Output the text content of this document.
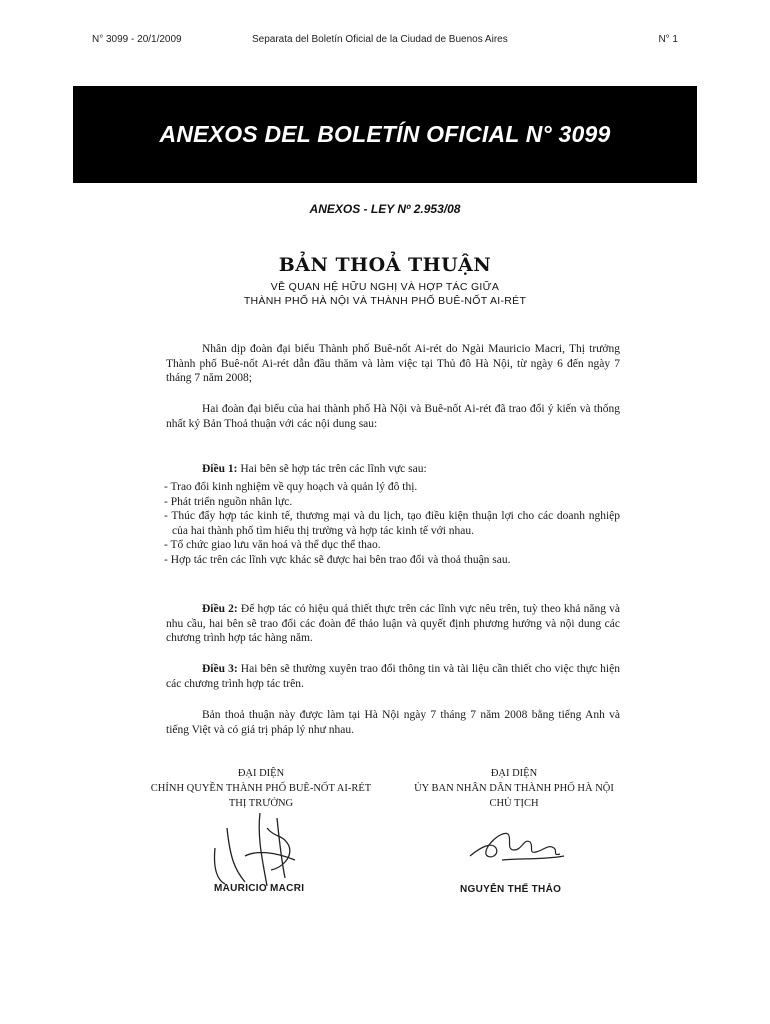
N° 3099 - 20/1/2009	Separata del Boletín Oficial de la Ciudad de Buenos Aires	N° 1
ANEXOS DEL BOLETÍN OFICIAL N° 3099
ANEXOS - LEY Nº 2.953/08
BẢN THOẢ THUẬN
VỀ QUAN HỆ HỮU NGHỊ VÀ HỢP TÁC GIỮA
THÀNH PHỐ HÀ NỘI VÀ THÀNH PHỐ BUÊ-NỐT AI-RÉT

Nhân dịp đoàn đại biểu Thành phố Buê-nốt Ai-rét do Ngài Mauricio Macri, Thị trưởng Thành phố Buê-nốt Ai-rét dẫn đầu thăm và làm việc tại Thủ đô Hà Nội, từ ngày 6 đến ngày 7 tháng 7 năm 2008;

Hai đoàn đại biểu của hai thành phố Hà Nội và Buê-nốt Ai-rét đã trao đổi ý kiến và thống nhất ký Bản Thoả thuận với các nội dung sau:

Điều 1: Hai bên sẽ hợp tác trên các lĩnh vực sau:

- Trao đổi kinh nghiệm về quy hoạch và quản lý đô thị.
- Phát triển nguồn nhân lực.
- Thúc đẩy hợp tác kinh tế, thương mại và du lịch, tạo điều kiện thuận lợi cho các doanh nghiệp của hai thành phố tìm hiểu thị trường và hợp tác kinh tế với nhau.
- Tổ chức giao lưu văn hoá và thể dục thể thao.
- Hợp tác trên các lĩnh vực khác sẽ được hai bên trao đổi và thoả thuận sau.

Điều 2: Để hợp tác có hiệu quả thiết thực trên các lĩnh vực nêu trên, tuỳ theo khả năng và nhu cầu, hai bên sẽ trao đổi các đoàn để thảo luận và quyết định phương hướng và nội dung các chương trình hợp tác hàng năm.

Điều 3: Hai bên sẽ thường xuyên trao đổi thông tin và tài liệu cần thiết cho việc thực hiện các chương trình hợp tác trên.

Bản thoả thuận này được làm tại Hà Nội ngày 7 tháng 7 năm 2008 bằng tiếng Anh và tiếng Việt và có giá trị pháp lý như nhau.

ĐẠI DIỆN
CHÍNH QUYỀN THÀNH PHỐ BUÊ-NỐT AI-RÉT
THỊ TRƯỞNG
ĐẠI DIỆN
ỦY BAN NHÂN DÂN THÀNH PHỐ HÀ NỘI
CHỦ TỊCH
MAURICIO MACRI	NGUYỄN THẾ THẢO
